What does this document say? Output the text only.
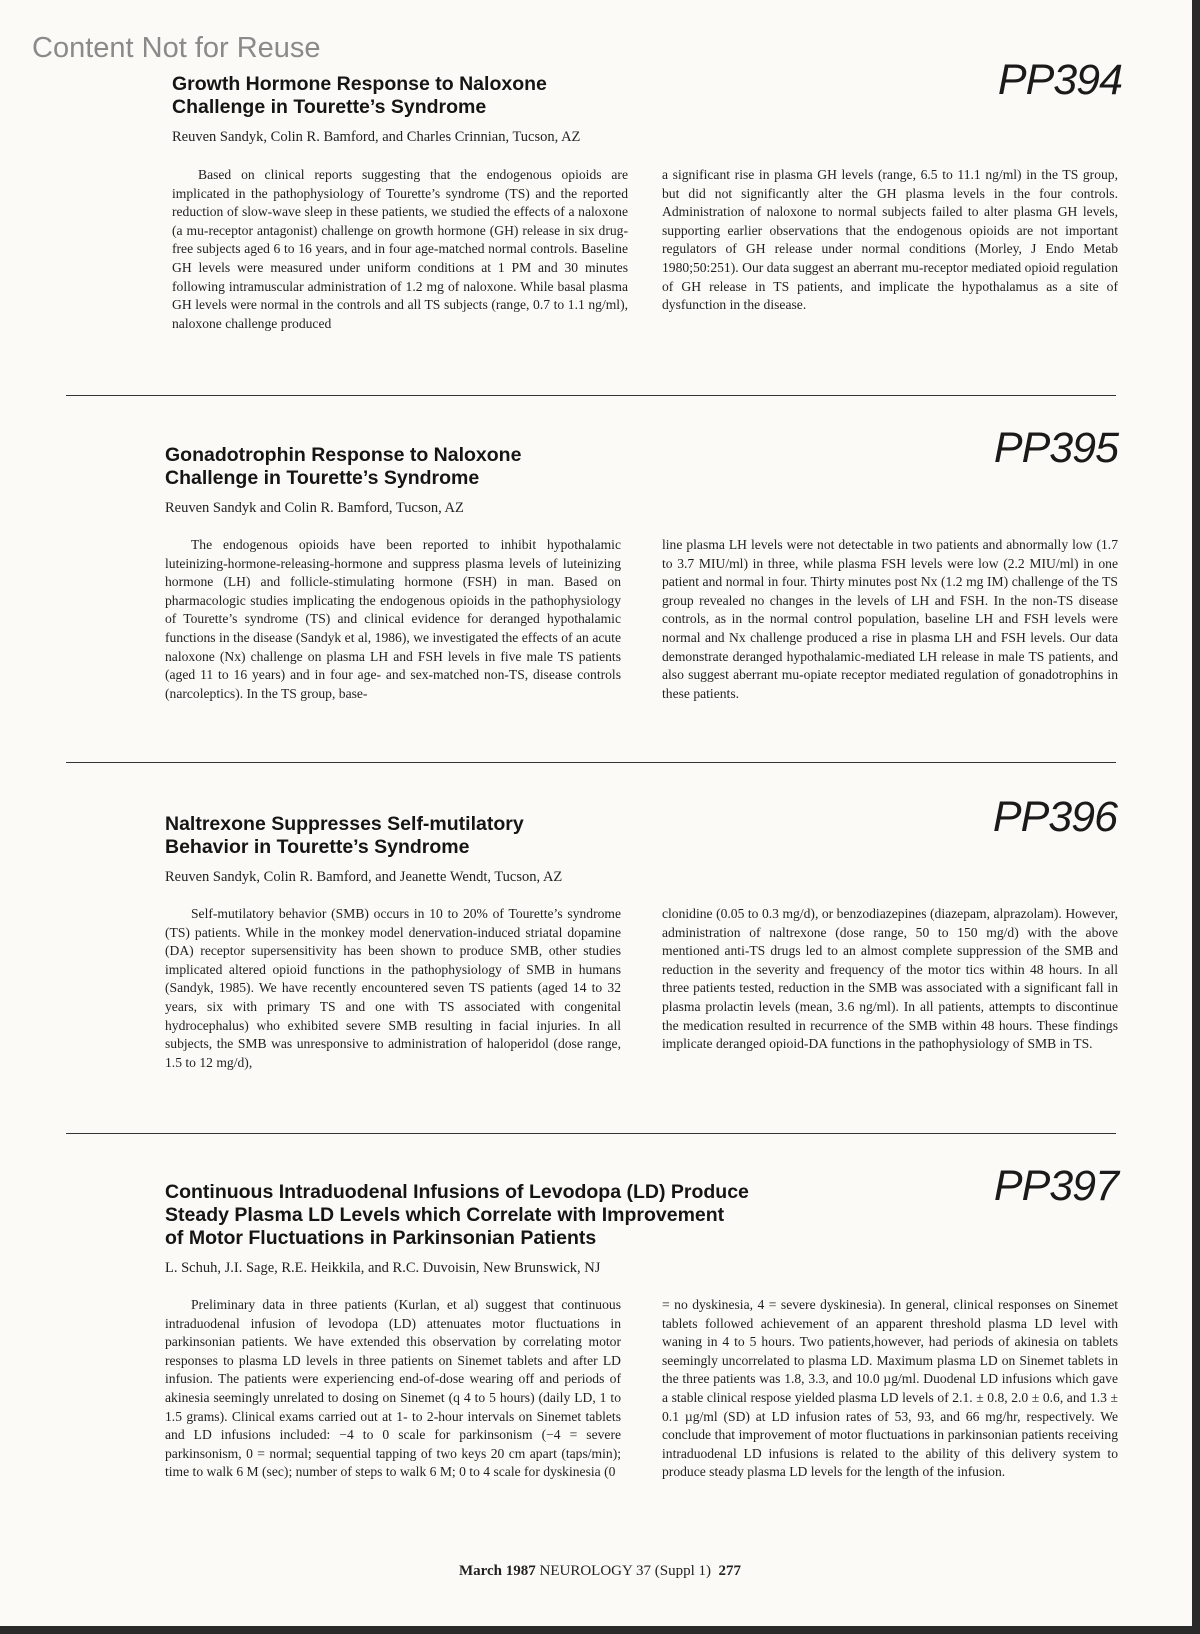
Content Not for Reuse
Growth Hormone Response to Naloxone
Challenge in Tourette’s Syndrome
PP394
Reuven Sandyk, Colin R. Bamford, and Charles Crinnian, Tucson, AZ

Based on clinical reports suggesting that the endogenous opioids are implicated in the pathophysiology of Tourette’s syndrome (TS) and the reported reduction of slow-wave sleep in these patients, we studied the effects of a naloxone (a mu-receptor antagonist) challenge on growth hormone (GH) release in six drug-free subjects aged 6 to 16 years, and in four age-matched normal controls. Baseline GH levels were measured under uniform conditions at 1 PM and 30 minutes following intramuscular administration of 1.2 mg of naloxone. While basal plasma GH levels were normal in the controls and all TS subjects (range, 0.7 to 1.1 ng/ml), naloxone challenge produced

a significant rise in plasma GH levels (range, 6.5 to 11.1 ng/ml) in the TS group, but did not significantly alter the GH plasma levels in the four controls. Administration of naloxone to normal subjects failed to alter plasma GH levels, supporting earlier observations that the endogenous opioids are not important regulators of GH release under normal conditions (Morley, J Endo Metab 1980;50:251). Our data suggest an aberrant mu-receptor mediated opioid regulation of GH release in TS patients, and implicate the hypothalamus as a site of dysfunction in the disease.

Gonadotrophin Response to Naloxone
Challenge in Tourette’s Syndrome
PP395
Reuven Sandyk and Colin R. Bamford, Tucson, AZ

The endogenous opioids have been reported to inhibit hypothalamic luteinizing-hormone-releasing-hormone and suppress plasma levels of luteinizing hormone (LH) and follicle-stimulating hormone (FSH) in man. Based on pharmacologic studies implicating the endogenous opioids in the pathophysiology of Tourette’s syndrome (TS) and clinical evidence for deranged hypothalamic functions in the disease (Sandyk et al, 1986), we investigated the effects of an acute naloxone (Nx) challenge on plasma LH and FSH levels in five male TS patients (aged 11 to 16 years) and in four age- and sex-matched non-TS, disease controls (narcoleptics). In the TS group, base-

line plasma LH levels were not detectable in two patients and abnormally low (1.7 to 3.7 MIU/ml) in three, while plasma FSH levels were low (2.2 MIU/ml) in one patient and normal in four. Thirty minutes post Nx (1.2 mg IM) challenge of the TS group revealed no changes in the levels of LH and FSH. In the non-TS disease controls, as in the normal control population, baseline LH and FSH levels were normal and Nx challenge produced a rise in plasma LH and FSH levels. Our data demonstrate deranged hypothalamic-mediated LH release in male TS patients, and also suggest aberrant mu-opiate receptor mediated regulation of gonadotrophins in these patients.

Naltrexone Suppresses Self-mutilatory
Behavior in Tourette’s Syndrome
PP396
Reuven Sandyk, Colin R. Bamford, and Jeanette Wendt, Tucson, AZ

Self-mutilatory behavior (SMB) occurs in 10 to 20% of Tourette’s syndrome (TS) patients. While in the monkey model denervation-induced striatal dopamine (DA) receptor supersensitivity has been shown to produce SMB, other studies implicated altered opioid functions in the pathophysiology of SMB in humans (Sandyk, 1985). We have recently encountered seven TS patients (aged 14 to 32 years, six with primary TS and one with TS associated with congenital hydrocephalus) who exhibited severe SMB resulting in facial injuries. In all subjects, the SMB was unresponsive to administration of haloperidol (dose range, 1.5 to 12 mg/d),

clonidine (0.05 to 0.3 mg/d), or benzodiazepines (diazepam, alprazolam). However, administration of naltrexone (dose range, 50 to 150 mg/d) with the above mentioned anti-TS drugs led to an almost complete suppression of the SMB and reduction in the severity and frequency of the motor tics within 48 hours. In all three patients tested, reduction in the SMB was associated with a significant fall in plasma prolactin levels (mean, 3.6 ng/ml). In all patients, attempts to discontinue the medication resulted in recurrence of the SMB within 48 hours. These findings implicate deranged opioid-DA functions in the pathophysiology of SMB in TS.

Continuous Intraduodenal Infusions of Levodopa (LD) Produce
Steady Plasma LD Levels which Correlate with Improvement
of Motor Fluctuations in Parkinsonian Patients
PP397
L. Schuh, J.I. Sage, R.E. Heikkila, and R.C. Duvoisin, New Brunswick, NJ

Preliminary data in three patients (Kurlan, et al) suggest that continuous intraduodenal infusion of levodopa (LD) attenuates motor fluctuations in parkinsonian patients. We have extended this observation by correlating motor responses to plasma LD levels in three patients on Sinemet tablets and after LD infusion. The patients were experiencing end-of-dose wearing off and periods of akinesia seemingly unrelated to dosing on Sinemet (q 4 to 5 hours) (daily LD, 1 to 1.5 grams). Clinical exams carried out at 1- to 2-hour intervals on Sinemet tablets and LD infusions included: −4 to 0 scale for parkinsonism (−4 = severe parkinsonism, 0 = normal; sequential tapping of two keys 20 cm apart (taps/min); time to walk 6 M (sec); number of steps to walk 6 M; 0 to 4 scale for dyskinesia (0

= no dyskinesia, 4 = severe dyskinesia). In general, clinical responses on Sinemet tablets followed achievement of an apparent threshold plasma LD level with waning in 4 to 5 hours. Two patients,however, had periods of akinesia on tablets seemingly uncorrelated to plasma LD. Maximum plasma LD on Sinemet tablets in the three patients was 1.8, 3.3, and 10.0 µg/ml. Duodenal LD infusions which gave a stable clinical respose yielded plasma LD levels of 2.1. ± 0.8, 2.0 ± 0.6, and 1.3 ± 0.1 µg/ml (SD) at LD infusion rates of 53, 93, and 66 mg/hr, respectively. We conclude that improvement of motor fluctuations in parkinsonian patients receiving intraduodenal LD infusions is related to the ability of this delivery system to produce steady plasma LD levels for the length of the infusion.

March 1987 NEUROLOGY 37 (Suppl 1) 277
